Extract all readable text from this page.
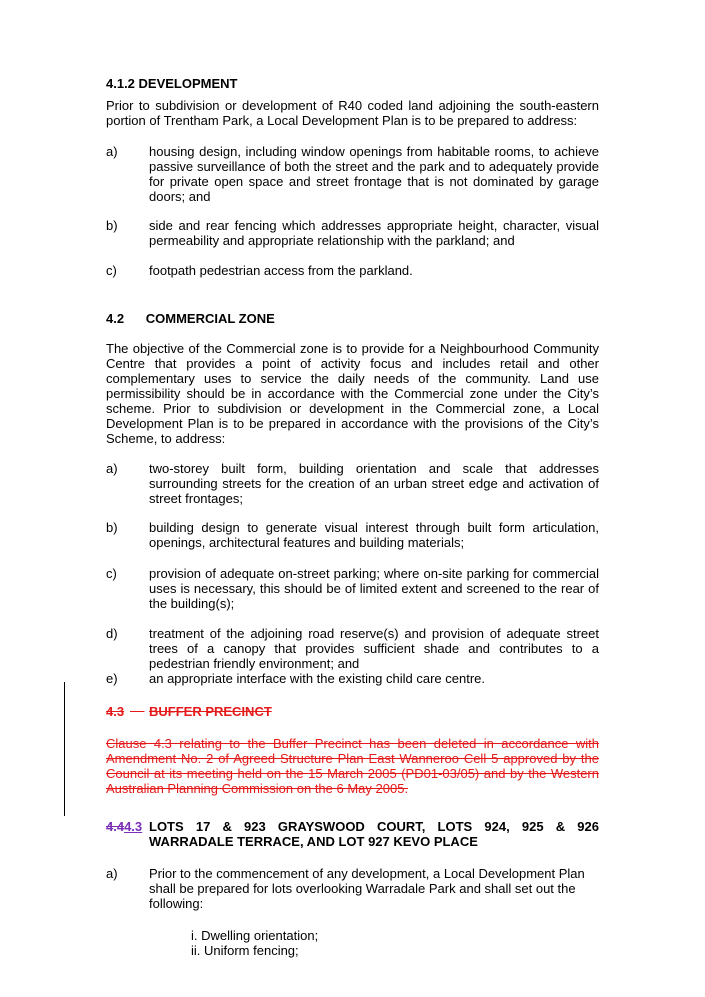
4.1.2 DEVELOPMENT
Prior to subdivision or development of R40 coded land adjoining the south-eastern portion of Trentham Park, a Local Development Plan is to be prepared to address:
a) housing design, including window openings from habitable rooms, to achieve passive surveillance of both the street and the park and to adequately provide for private open space and street frontage that is not dominated by garage doors; and
b) side and rear fencing which addresses appropriate height, character, visual permeability and appropriate relationship with the parkland; and
c) footpath pedestrian access from the parkland.
4.2      COMMERCIAL ZONE
The objective of the Commercial zone is to provide for a Neighbourhood Community Centre that provides a point of activity focus and includes retail and other complementary uses to service the daily needs of the community. Land use permissibility should be in accordance with the Commercial zone under the City’s scheme. Prior to subdivision or development in the Commercial zone, a Local Development Plan is to be prepared in accordance with the provisions of the City’s Scheme, to address:
a) two-storey built form, building orientation and scale that addresses surrounding streets for the creation of an urban street edge and activation of street frontages;
b) building design to generate visual interest through built form articulation, openings, architectural features and building materials;
c) provision of adequate on-street parking; where on-site parking for commercial uses is necessary, this should be of limited extent and screened to the rear of the building(s);
d) treatment of the adjoining road reserve(s) and provision of adequate street trees of a canopy that provides sufficient shade and contributes to a pedestrian friendly environment; and
e) an appropriate interface with the existing child care centre.
4.3
BUFFER PRECINCT
Clause 4.3 relating to the Buffer Precinct has been deleted in accordance with Amendment No. 2 of Agreed Structure Plan East Wanneroo Cell 5 approved by the Council at its meeting held on the 15 March 2005 (PD01-03/05) and by the Western Australian Planning Commission on the 6 May 2005.
4.44.3 LOTS 17 & 923 GRAYSWOOD COURT, LOTS 924, 925 & 926
WARRADALE TERRACE, AND LOT 927 KEVO PLACE
a) Prior to the commencement of any development, a Local Development Plan shall be prepared for lots overlooking Warradale Park and shall set out the following:
i. Dwelling orientation;
ii. Uniform fencing;
